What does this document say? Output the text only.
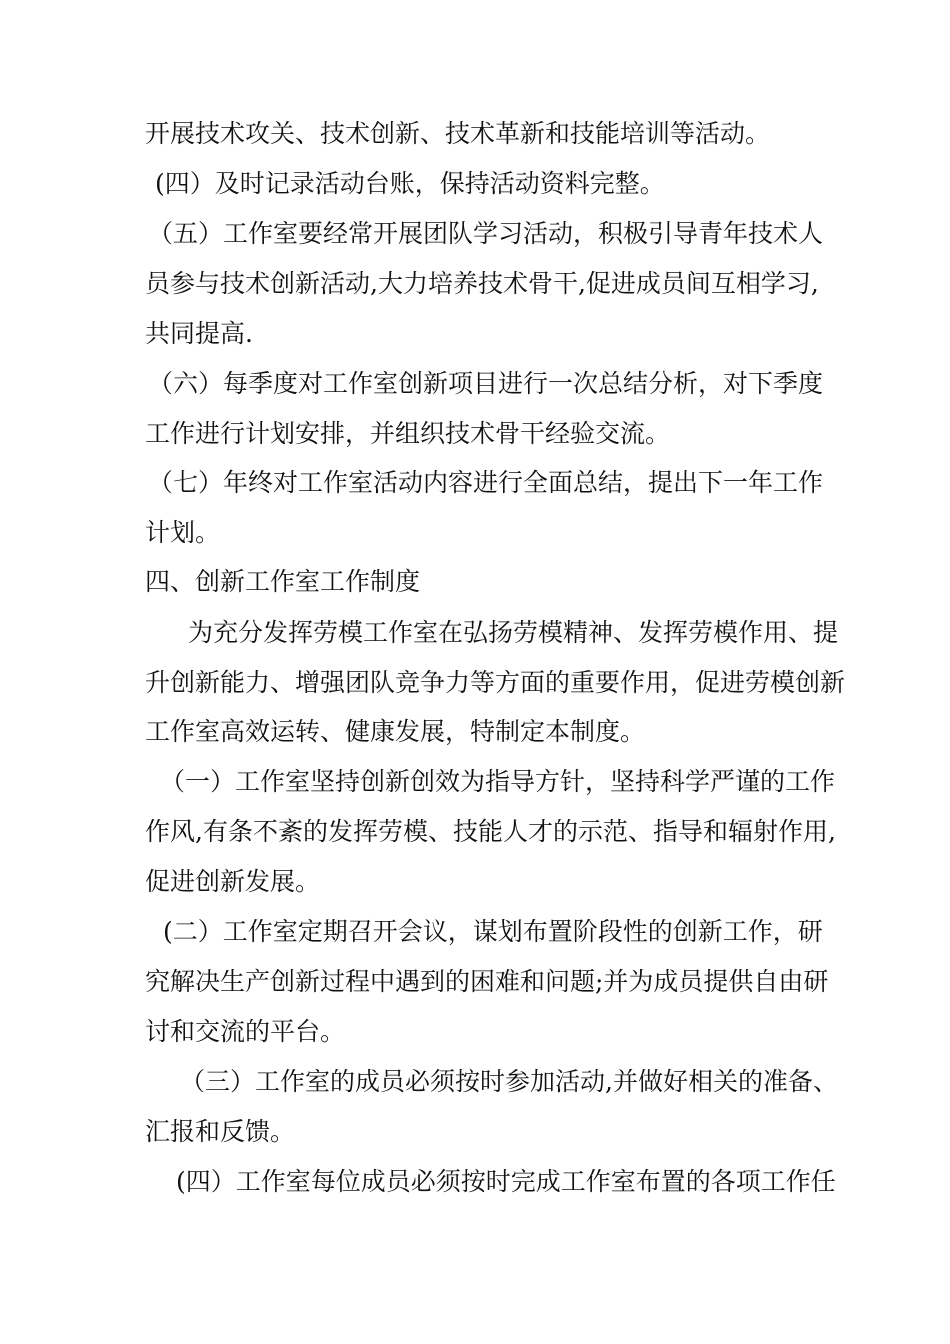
开展技术攻关、技术创新、技术革新和技能培训等活动。
(四）及时记录活动台账，保持活动资料完整。
（五）工作室要经常开展团队学习活动，积极引导青年技术人
员参与技术创新活动,大力培养技术骨干,促进成员间互相学习,
共同提高.
（六）每季度对工作室创新项目进行一次总结分析，对下季度
工作进行计划安排，并组织技术骨干经验交流。
（七）年终对工作室活动内容进行全面总结，提出下一年工作
计划。
四、创新工作室工作制度
为充分发挥劳模工作室在弘扬劳模精神、发挥劳模作用、提
升创新能力、增强团队竞争力等方面的重要作用，促进劳模创新
工作室高效运转、健康发展，特制定本制度。
（一）工作室坚持创新创效为指导方针，坚持科学严谨的工作
作风,有条不紊的发挥劳模、技能人才的示范、指导和辐射作用,
促进创新发展。
(二）工作室定期召开会议，谋划布置阶段性的创新工作，研
究解决生产创新过程中遇到的困难和问题;并为成员提供自由研
讨和交流的平台。
（三）工作室的成员必须按时参加活动,并做好相关的准备、
汇报和反馈。
(四）工作室每位成员必须按时完成工作室布置的各项工作任
